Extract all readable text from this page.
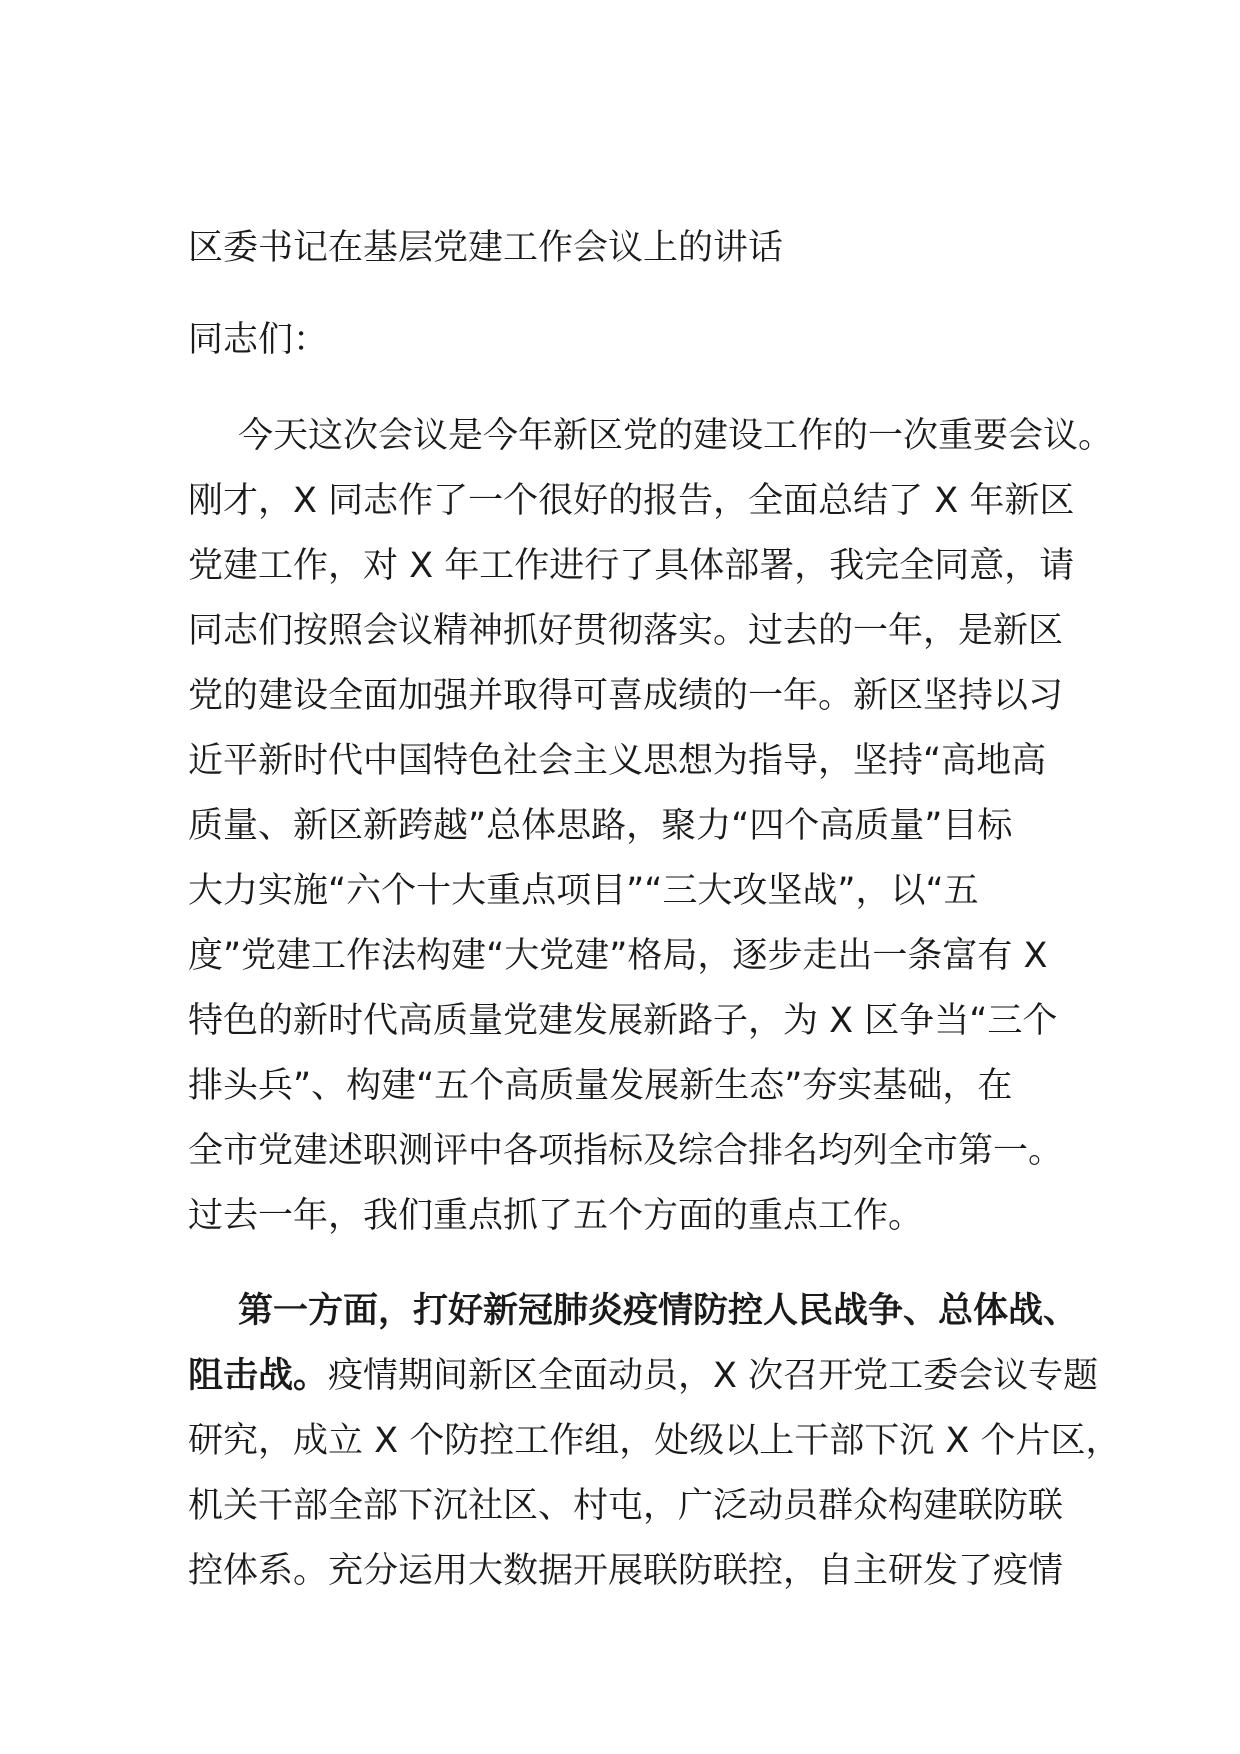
区委书记在基层党建工作会议上的讲话
同志们：
今天这次会议是今年新区党的建设工作的一次重要会议。
刚才，X 同志作了一个很好的报告，全面总结了 X 年新区
党建工作，对 X 年工作进行了具体部署，我完全同意，请
同志们按照会议精神抓好贯彻落实。过去的一年，是新区
党的建设全面加强并取得可喜成绩的一年。新区坚持以习
近平新时代中国特色社会主义思想为指导，坚持“高地高
质量、新区新跨越”总体思路，聚力“四个高质量”目标
大力实施“六个十大重点项目”“三大攻坚战”，以“五
度”党建工作法构建“大党建”格局，逐步走出一条富有 X
特色的新时代高质量党建发展新路子，为 X 区争当“三个
排头兵”、构建“五个高质量发展新生态”夯实基础，在
全市党建述职测评中各项指标及综合排名均列全市第一。
过去一年，我们重点抓了五个方面的重点工作。
第一方面，打好新冠肺炎疫情防控人民战争、总体战、
阻击战。疫情期间新区全面动员，X 次召开党工委会议专题
研究，成立 X 个防控工作组，处级以上干部下沉 X 个片区，
机关干部全部下沉社区、村屯，广泛动员群众构建联防联
控体系。充分运用大数据开展联防联控，自主研发了疫情
